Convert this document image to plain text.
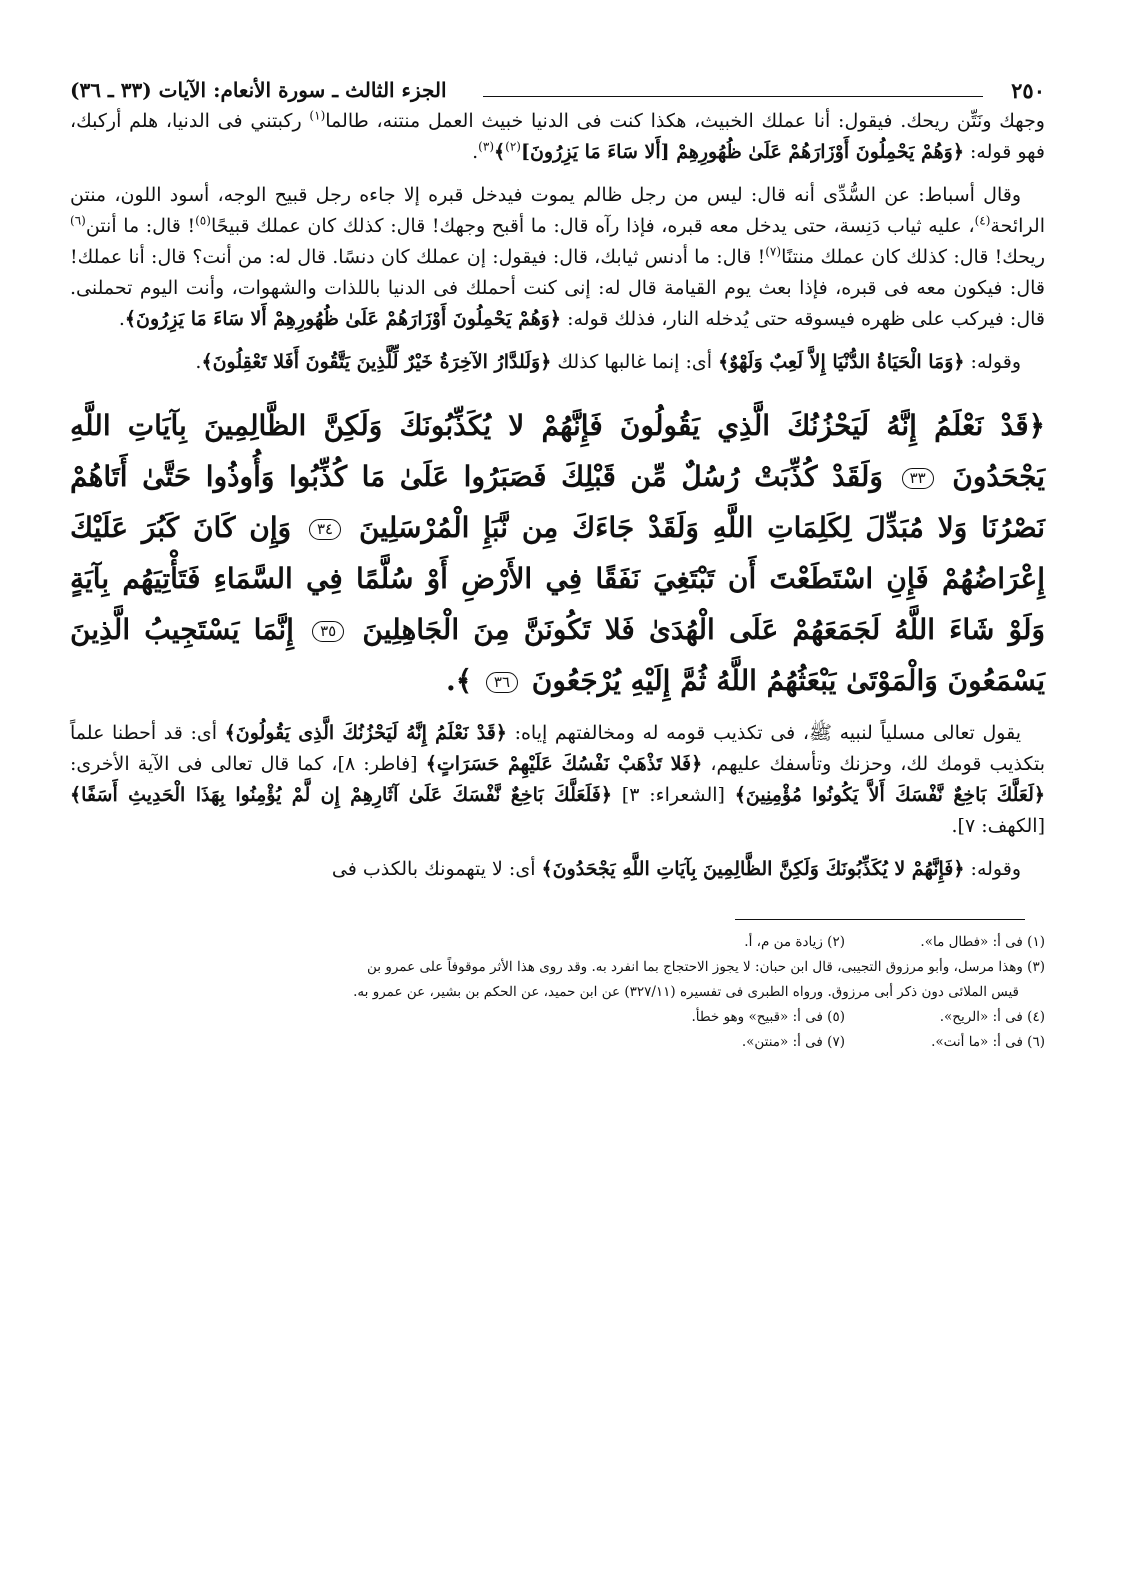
٢٥٠
الجزء الثالث ـ سورة الأنعام: الآيات (٣٣ ـ ٣٦)

وجهك ونَتِّن ريحك. فيقول: أنا عملك الخبيث، هكذا كنت فى الدنيا خبيث العمل منتنه، طالما$^{(١)}$ ركبتني فى الدنيا، هلم أركبك، فهو قوله: ﴿وَهُمْ يَحْمِلُونَ أَوْزَارَهُمْ عَلَىٰ ظُهُورِهِمْ [أَلا سَاءَ مَا يَزِرُونَ]$^{(٢)}$﴾$^{(٣)}$.

وقال أسباط: عن السُّدِّى أنه قال: ليس من رجل ظالم يموت فيدخل قبره إلا جاءه رجل قبيح الوجه، أسود اللون، منتن الرائحة$^{(٤)}$، عليه ثياب دَنِسة، حتى يدخل معه قبره، فإذا رآه قال: ما أقبح وجهك! قال: كذلك كان عملك قبيحًا$^{(٥)}$! قال: ما أنتن$^{(٦)}$ ريحك! قال: كذلك كان عملك منتنًا$^{(٧)}$! قال: ما أدنس ثيابك، قال: فيقول: إن عملك كان دنسًا. قال له: من أنت؟ قال: أنا عملك! قال: فيكون معه فى قبره، فإذا بعث يوم القيامة قال له: إنى كنت أحملك فى الدنيا باللذات والشهوات، وأنت اليوم تحملنى. قال: فيركب على ظهره فيسوقه حتى يُدخله النار، فذلك قوله: ﴿وَهُمْ يَحْمِلُونَ أَوْزَارَهُمْ عَلَىٰ ظُهُورِهِمْ أَلا سَاءَ مَا يَزِرُونَ﴾.

وقوله: ﴿وَمَا الْحَيَاةُ الدُّنْيَا إِلاَّ لَعِبٌ وَلَهْوٌ﴾ أى: إنما غالبها كذلك ﴿وَلَلدَّارُ الآخِرَةُ خَيْرٌ لِّلَّذِينَ يَتَّقُونَ أَفَلا تَعْقِلُونَ﴾.

﴿قَدْ نَعْلَمُ إِنَّهُ لَيَحْزُنُكَ الَّذِي يَقُولُونَ فَإِنَّهُمْ لا يُكَذِّبُونَكَ وَلَكِنَّ الظَّالِمِينَ بِآيَاتِ اللَّهِ يَجْحَدُونَ ٣٣ وَلَقَدْ كُذِّبَتْ رُسُلٌ مِّن قَبْلِكَ فَصَبَرُوا عَلَىٰ مَا كُذِّبُوا وَأُوذُوا حَتَّىٰ أَتَاهُمْ نَصْرُنَا وَلا مُبَدِّلَ لِكَلِمَاتِ اللَّهِ وَلَقَدْ جَاءَكَ مِن نَّبَإِ الْمُرْسَلِينَ ٣٤ وَإِن كَانَ كَبُرَ عَلَيْكَ إِعْرَاضُهُمْ فَإِنِ اسْتَطَعْتَ أَن تَبْتَغِيَ نَفَقًا فِي الأَرْضِ أَوْ سُلَّمًا فِي السَّمَاءِ فَتَأْتِيَهُم بِآيَةٍ وَلَوْ شَاءَ اللَّهُ لَجَمَعَهُمْ عَلَى الْهُدَىٰ فَلا تَكُونَنَّ مِنَ الْجَاهِلِينَ ٣٥ إِنَّمَا يَسْتَجِيبُ الَّذِينَ يَسْمَعُونَ وَالْمَوْتَىٰ يَبْعَثُهُمُ اللَّهُ ثُمَّ إِلَيْهِ يُرْجَعُونَ ٣٦ ﴾.

يقول تعالى مسلياً لنبيه ﷺ، فى تكذيب قومه له ومخالفتهم إياه: ﴿قَدْ نَعْلَمُ إِنَّهُ لَيَحْزُنُكَ الَّذِى يَقُولُونَ﴾ أى: قد أحطنا علماً بتكذيب قومك لك، وحزنك وتأسفك عليهم، ﴿فَلا تَذْهَبْ نَفْسُكَ عَلَيْهِمْ حَسَرَاتٍ﴾ [فاطر: ٨]، كما قال تعالى فى الآية الأخرى: ﴿لَعَلَّكَ بَاخِعٌ نَّفْسَكَ أَلاَّ يَكُونُوا مُؤْمِنِينَ﴾ [الشعراء: ٣] ﴿فَلَعَلَّكَ بَاخِعٌ نَّفْسَكَ عَلَىٰ آثَارِهِمْ إِن لَّمْ يُؤْمِنُوا بِهَذَا الْحَدِيثِ أَسَفًا﴾ [الكهف: ٧].

وقوله: ﴿فَإِنَّهُمْ لا يُكَذِّبُونَكَ وَلَكِنَّ الظَّالِمِينَ بِآيَاتِ اللَّهِ يَجْحَدُونَ﴾ أى: لا يتهمونك بالكذب فى

(١) فى أ: «فطال ما».
(٢) زيادة من م، أ.

(٣) وهذا مرسل، وأبو مرزوق التجيبى، قال ابن حبان: لا يجوز الاحتجاج بما انفرد به. وقد روى هذا الأثر موقوفاً على عمرو بن

قيس الملائى دون ذكر أبى مرزوق. ورواه الطبرى فى تفسيره (٣٢٧/١١) عن ابن حميد، عن الحكم بن بشير، عن عمرو به.

(٤) فى أ: «الريح».
(٥) فى أ: «قبيح» وهو خطأ.
(٦) فى أ: «ما أنت».
(٧) فى أ: «منتن».
